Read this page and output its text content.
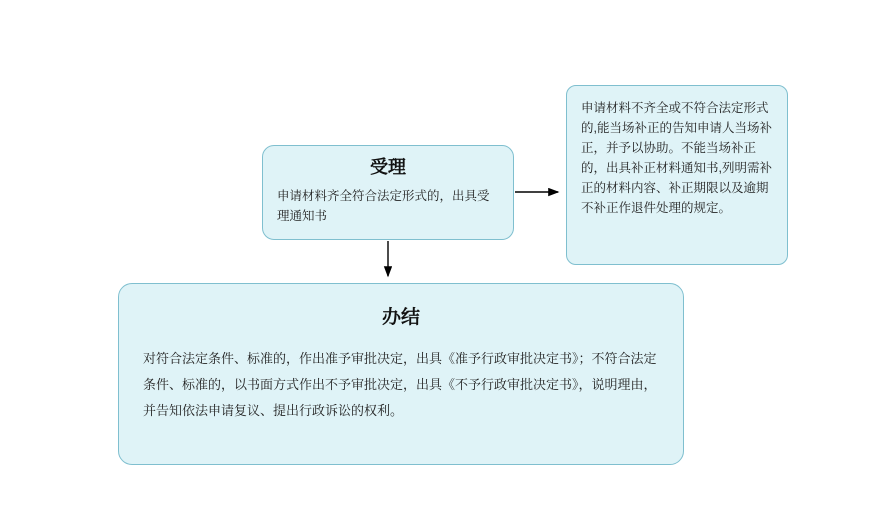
受理
申请材料齐全符合法定形式的，出具受理通知书
申请材料不齐全或不符合法定形式的,能当场补正的告知申请人当场补正，并予以协助。不能当场补正的，出具补正材料通知书,列明需补正的材料内容、补正期限以及逾期不补正作退件处理的规定。
办结
对符合法定条件、标准的，作出准予审批决定，出具《准予行政审批决定书》；不符合法定条件、标准的，以书面方式作出不予审批决定，出具《不予行政审批决定书》，说明理由，并告知依法申请复议、提出行政诉讼的权利。
